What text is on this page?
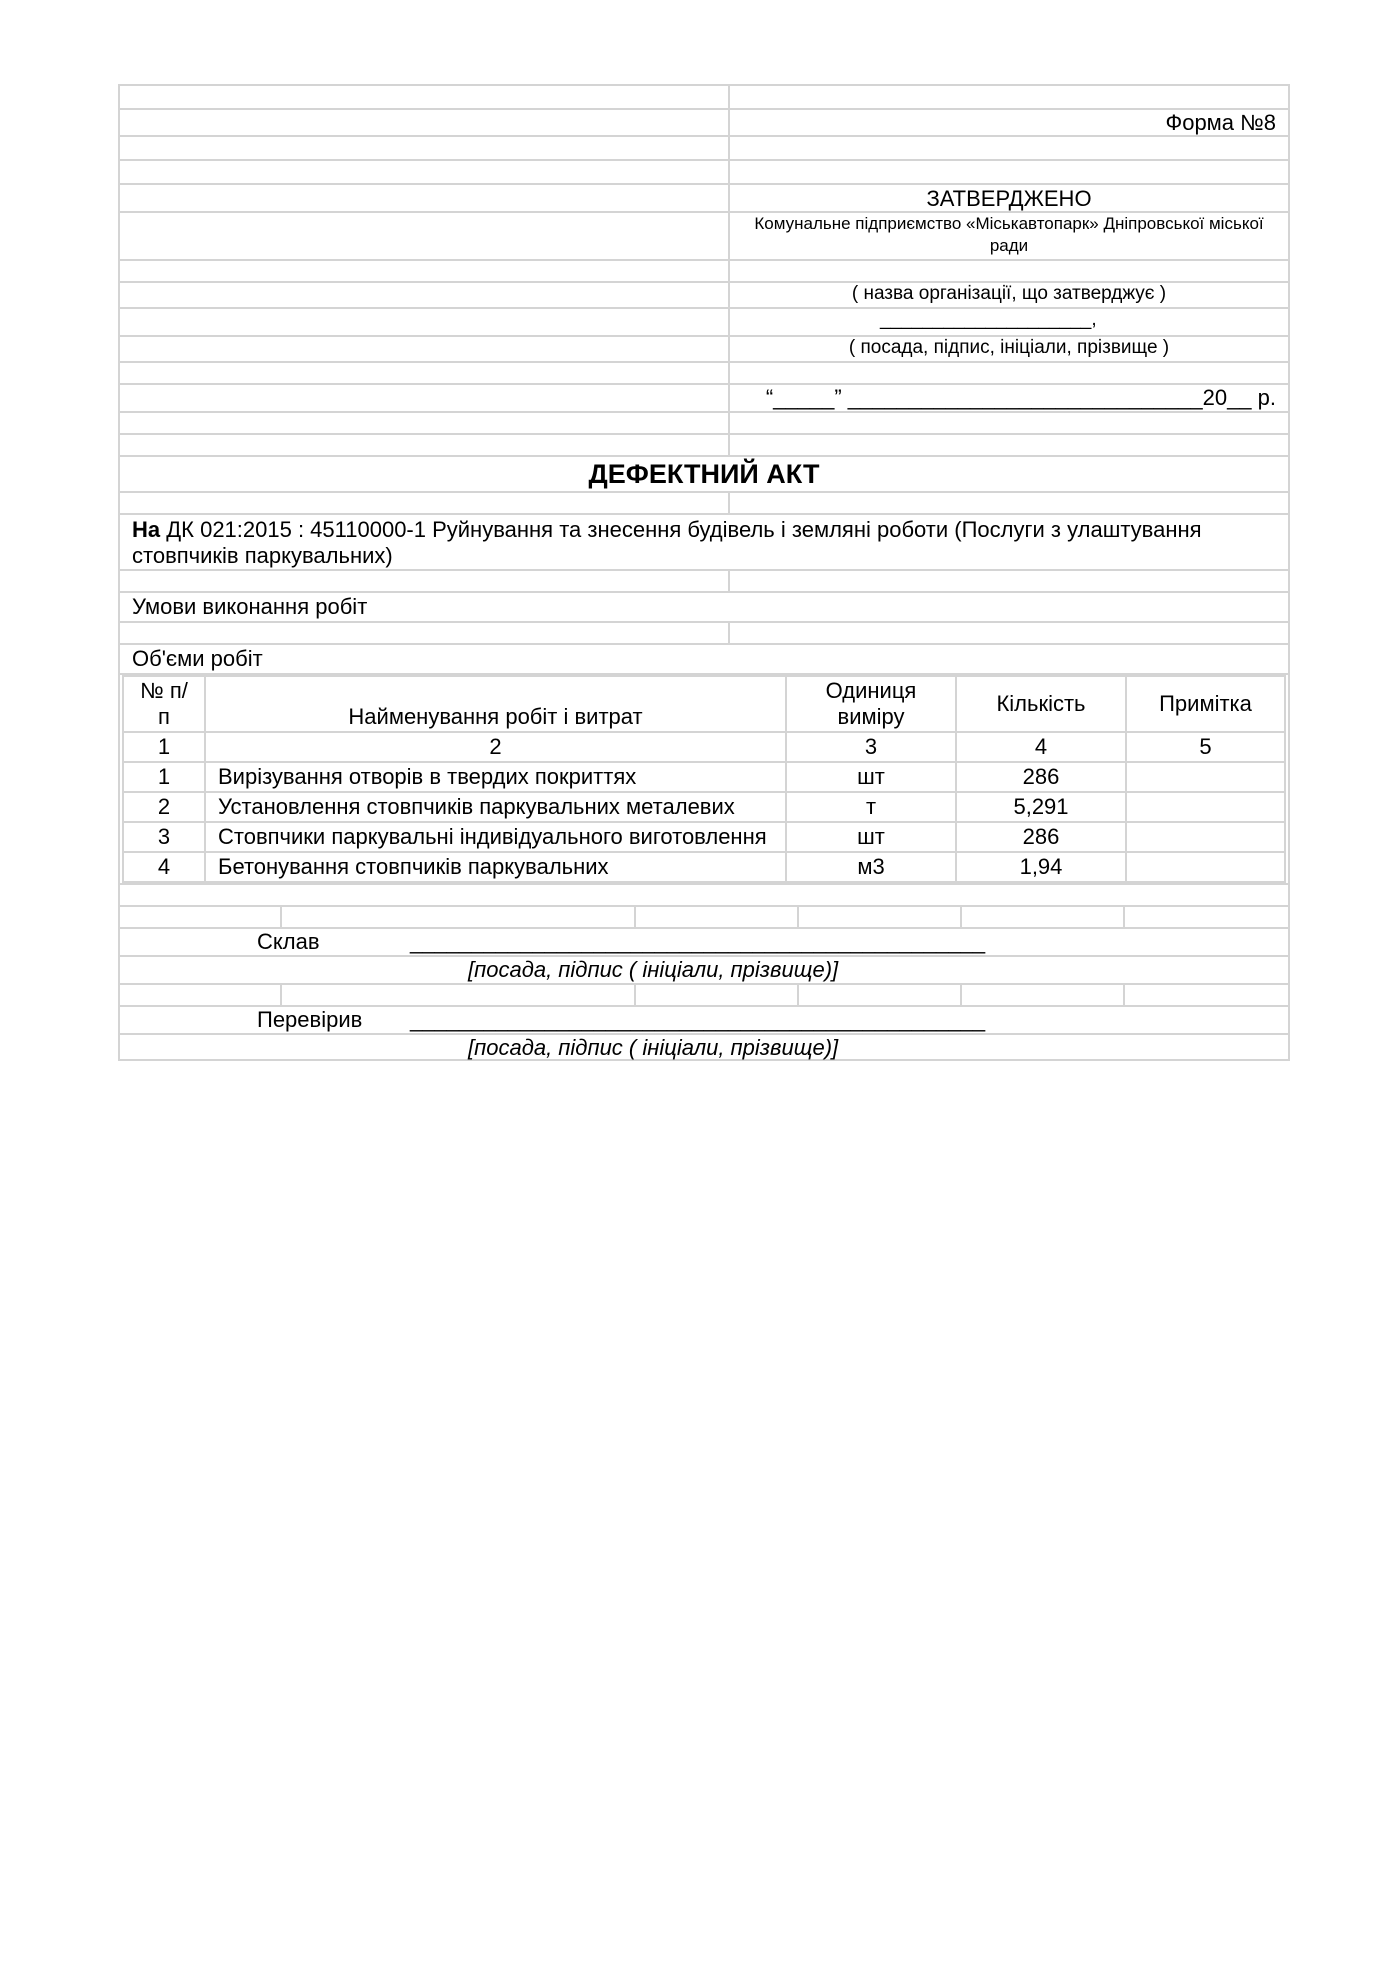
Форма №8
ЗАТВЕРДЖЕНО
Комунальне підприємство «Міськавтопарк» Дніпровської міської ради
( назва організації, що затверджує )
____________________,
( посада, підпис, ініціали, прізвище )
“_____” _____________________________20__ р.
ДЕФЕКТНИЙ АКТ
На ДК 021:2015 : 45110000-1 Руйнування та знесення будівель і земляні роботи (Послуги з улаштування стовпчиків паркувальних)
Умови виконання робіт
Об'єми робіт
№ п/п	Найменування робіт і витрат	Одиниця виміру	Кількість	Примітка
1	2	3	4	5
1	Вирізування отворів в твердих покриттях	шт	286	
2	Установлення стовпчиків паркувальних металевих	т	5,291	
3	Стовпчики паркувальні індивідуального виготовлення	шт	286	
4	Бетонування стовпчиків паркувальних	м3	1,94	
Склав	_______________________________________________
[посада, підпис ( ініціали, прізвище)]
Перевірив	_______________________________________________
[посада, підпис ( ініціали, прізвище)]
